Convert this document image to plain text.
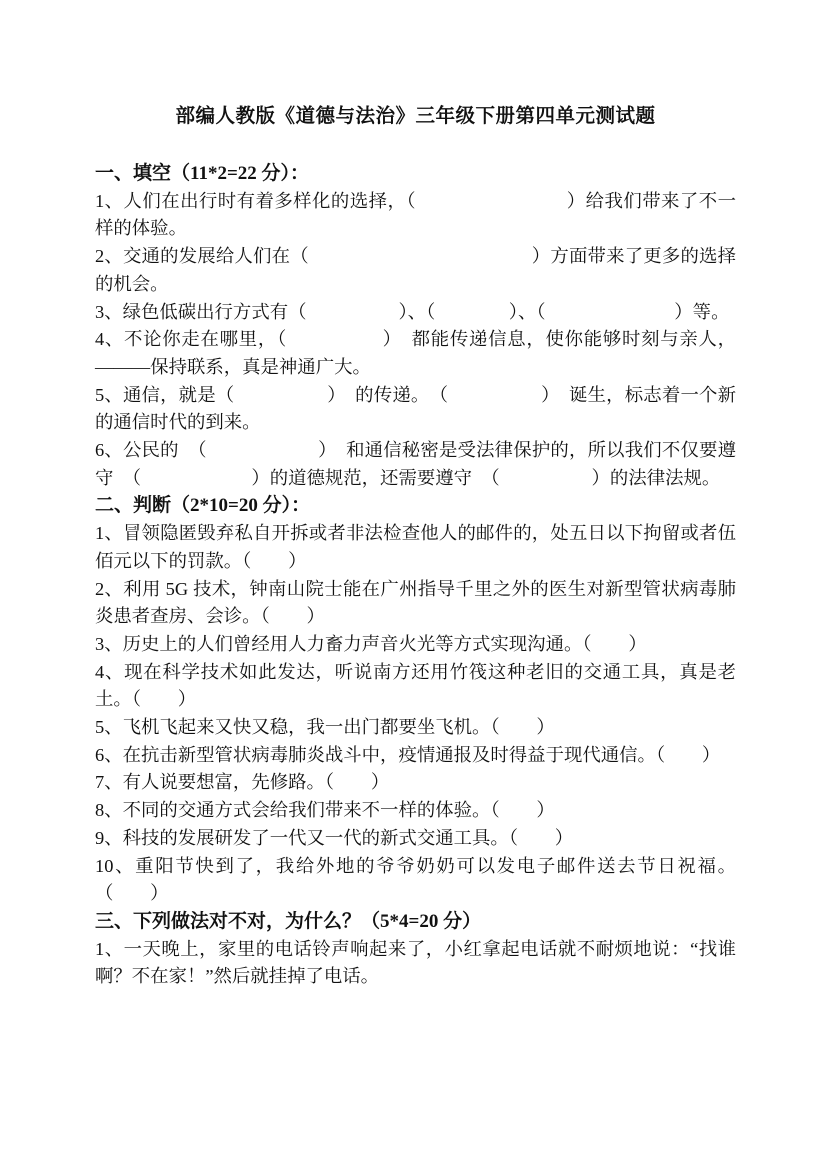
部编人教版《道德与法治》三年级下册第四单元测试题
一、填空（11*2=22 分）：

1、人们在出行时有着多样化的选择，（　　　　　　　　）给我们带来了不一样的体验。

2、交通的发展给人们在（　　　　　　　　　　　　）方面带来了更多的选择的机会。

3、绿色低碳出行方式有（　　　　　）、（　　　　）、（　　　　　　　）等。

4、不论你走在哪里，（　　　　　）　都能传递信息，使你能够时刻与亲人，———保持联系，真是神通广大。

5、通信，就是（　　　　　）　的传递。　（　　　　　）　诞生，标志着一个新的通信时代的到来。

6、公民的　（　　　　　　）　和通信秘密是受法律保护的，所以我们不仅要遵守　（　　　　　　）的道德规范，还需要遵守　（　　　　　）的法律法规。

二、判断（2*10=20 分）：

1、冒领隐匿毁弃私自开拆或者非法检查他人的邮件的，处五日以下拘留或者伍佰元以下的罚款。（　　）

2、利用 5G 技术，钟南山院士能在广州指导千里之外的医生对新型管状病毒肺炎患者查房、会诊。（　　）

3、历史上的人们曾经用人力畜力声音火光等方式实现沟通。（　　）

4、现在科学技术如此发达，听说南方还用竹筏这种老旧的交通工具，真是老土。（　　）

5、飞机飞起来又快又稳，我一出门都要坐飞机。（　　）

6、在抗击新型管状病毒肺炎战斗中，疫情通报及时得益于现代通信。（　　）

7、有人说要想富，先修路。（　　）

8、不同的交通方式会给我们带来不一样的体验。（　　）

9、科技的发展研发了一代又一代的新式交通工具。（　　）

10、重阳节快到了，我给外地的爷爷奶奶可以发电子邮件送去节日祝福。（　　）

三、下列做法对不对，为什么？（5*4=20 分）

1、一天晚上，家里的电话铃声响起来了，小红拿起电话就不耐烦地说：“找谁啊？不在家！”然后就挂掉了电话。
